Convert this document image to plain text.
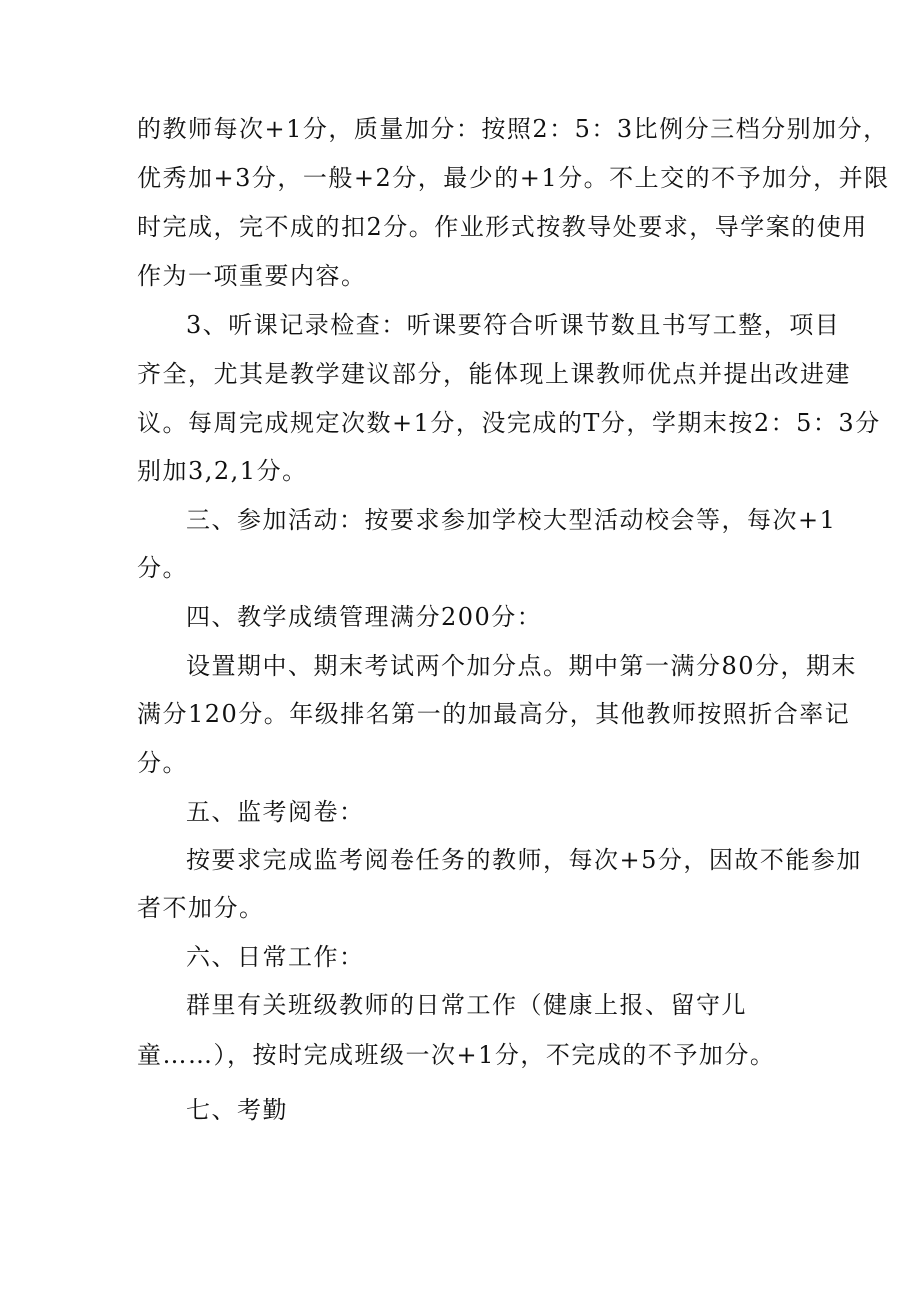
的教师每次+1分，质量加分：按照2：5：3比例分三档分别加分，

优秀加+3分，一般+2分，最少的+1分。不上交的不予加分，并限

时完成，完不成的扣2分。作业形式按教导处要求，导学案的使用

作为一项重要内容。

3、听课记录检查：听课要符合听课节数且书写工整，项目

齐全，尤其是教学建议部分，能体现上课教师优点并提出改进建

议。每周完成规定次数+1分，没完成的T分，学期末按2：5：3分

别加3,2,1分。

三、参加活动：按要求参加学校大型活动校会等，每次+1

分。

四、教学成绩管理满分200分：

设置期中、期末考试两个加分点。期中第一满分80分，期末

满分120分。年级排名第一的加最高分，其他教师按照折合率记

分。

五、监考阅卷：

按要求完成监考阅卷任务的教师，每次+5分，因故不能参加

者不加分。

六、日常工作：

群里有关班级教师的日常工作（健康上报、留守儿

童……），按时完成班级一次+1分，不完成的不予加分。

七、考勤
